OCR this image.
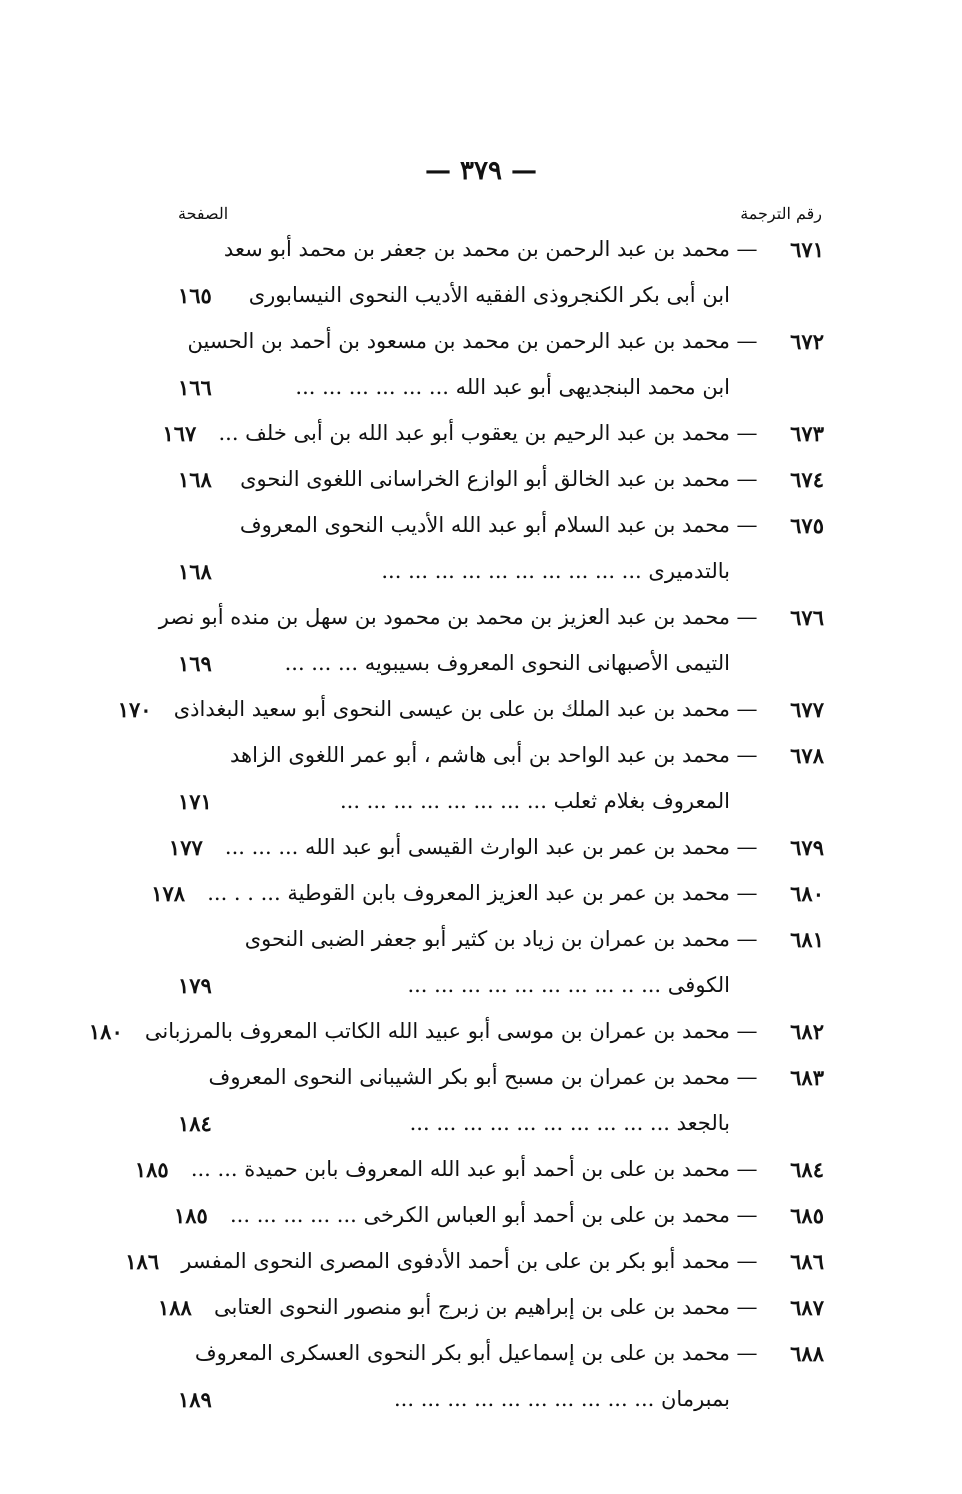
— ٣٧٩ —
رقم الترجمة
الصفحة
٦٧١
—
محمد بن عبد الرحمن بن محمد بن جعفر بن محمد أبو سعد
ابن أبى بكر الكنجروذى الفقيه الأديب النحوى النيسابورى
١٦٥
٦٧٢
—
محمد بن عبد الرحمن بن محمد بن مسعود بن أحمد بن الحسين
ابن محمد البنجديهى أبو عبد الله ... ... ... ... ... ...
١٦٦
٦٧٣
—
محمد بن عبد الرحيم بن يعقوب أبو عبد الله بن أبى خلف ...
١٦٧
٦٧٤
—
محمد بن عبد الخالق أبو الوازع الخراسانى اللغوى النحوى
١٦٨
٦٧٥
—
محمد بن عبد السلام أبو عبد الله الأديب النحوى المعروف
بالتدميرى ... ... ... ... ... ... ... ... ... ...
١٦٨
٦٧٦
—
محمد بن عبد العزيز بن محمد بن محمود بن سهل بن منده أبو نصر
التيمى الأصبهانى النحوى المعروف بسيبويه ... ... ...
١٦٩
٦٧٧
—
محمد بن عبد الملك بن على بن عيسى النحوى أبو سعيد البغداذى
١٧٠
٦٧٨
—
محمد بن عبد الواحد بن أبى هاشم ، أبو عمر اللغوى الزاهد
المعروف بغلام ثعلب ... ... ... ... ... ... ... ...
١٧١
٦٧٩
—
محمد بن عمر بن عبد الوارث القيسى أبو عبد الله ... ... ...
١٧٧
٦٨٠
—
محمد بن عمر بن عبد العزيز المعروف بابن القوطية ... . . ...
١٧٨
٦٨١
—
محمد بن عمران بن زياد بن كثير أبو جعفر الضبى النحوى
الكوفى ... .. ... ... ... ... ... ... ... ...
١٧٩
٦٨٢
—
محمد بن عمران بن موسى أبو عبيد الله الكاتب المعروف بالمرزبانى
١٨٠
٦٨٣
—
محمد بن عمران بن مسبح أبو بكر الشيبانى النحوى المعروف
بالجعد ... ... ... ... ... ... ... ... ... ...
١٨٤
٦٨٤
—
محمد بن على بن أحمد أبو عبد الله المعروف بابن حميدة ... ...
١٨٥
٦٨٥
—
محمد بن على بن أحمد أبو العباس الكرخى ... ... ... ... ...
١٨٥
٦٨٦
—
محمد أبو بكر بن على بن أحمد الأدفوى المصرى النحوى المفسر
١٨٦
٦٨٧
—
محمد بن على بن إبراهيم بن زبرج أبو منصور النحوى العتابى
١٨٨
٦٨٨
—
محمد بن على بن إسماعيل أبو بكر النحوى العسكرى المعروف
بمبرمان ... ... ... ... ... ... ... ... ... ...
١٨٩
